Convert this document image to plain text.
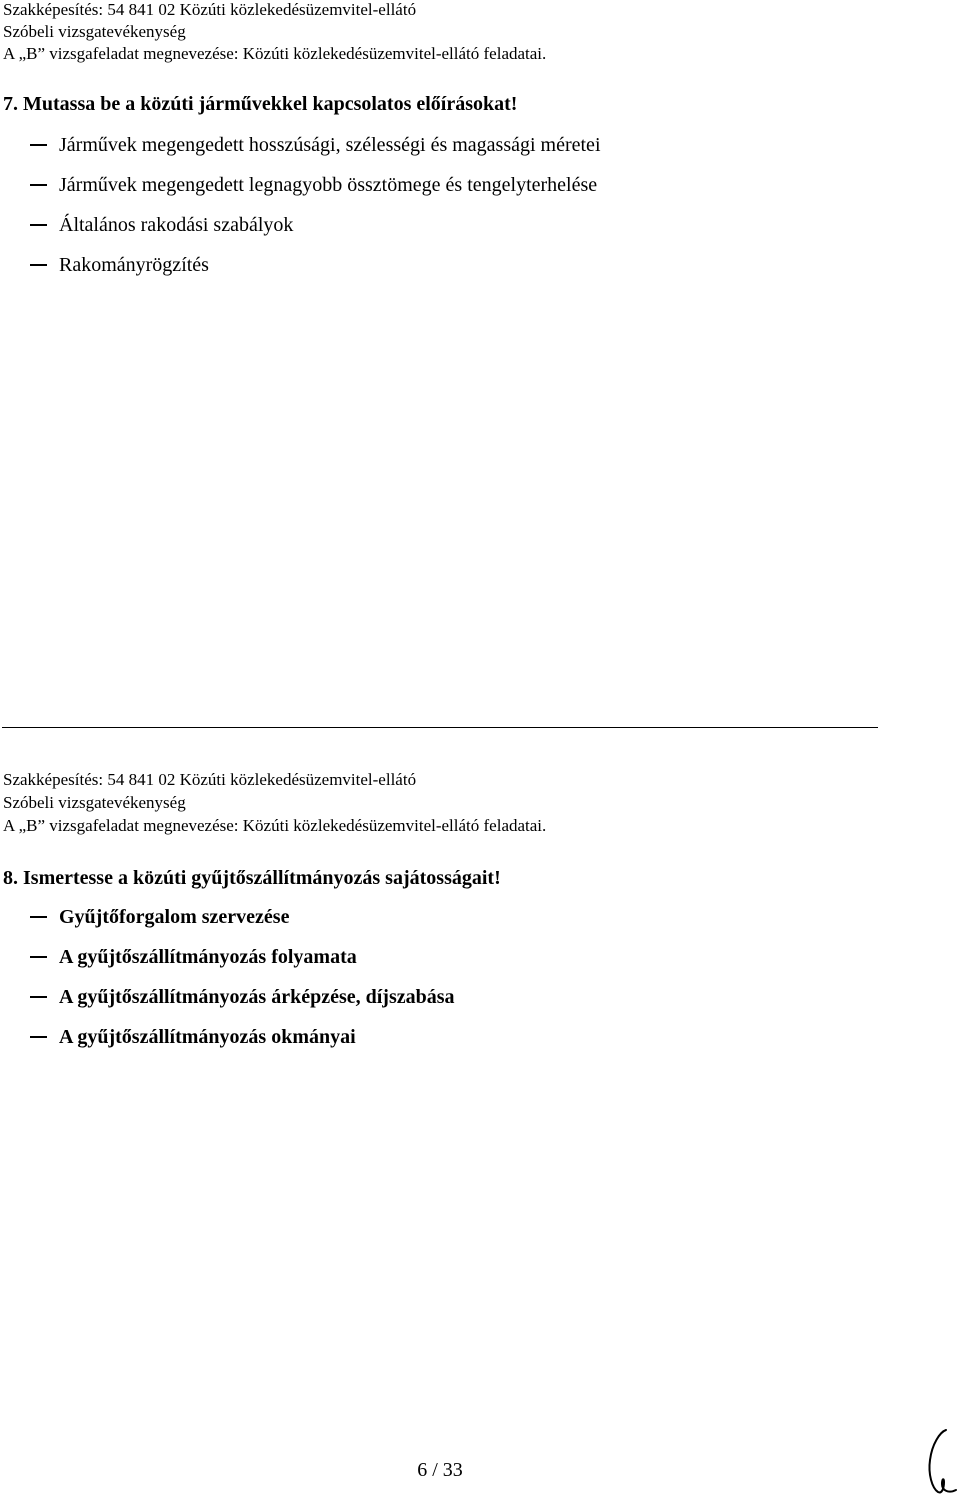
Szakképesítés: 54 841 02 Közúti közlekedésüzemvitel-ellátó
Szóbeli vizsgatevékenység
A „B” vizsgafeladat megnevezése: Közúti közlekedésüzemvitel-ellátó feladatai.
7. Mutassa be a közúti járművekkel kapcsolatos előírásokat!
Járművek megengedett hosszúsági, szélességi és magassági méretei
Járművek megengedett legnagyobb össztömege és tengelyterhelése
Általános rakodási szabályok
Rakományrögzítés
Szakképesítés: 54 841 02 Közúti közlekedésüzemvitel-ellátó
Szóbeli vizsgatevékenység
A „B” vizsgafeladat megnevezése: Közúti közlekedésüzemvitel-ellátó feladatai.
8. Ismertesse a közúti gyűjtőszállítmányozás sajátosságait!
Gyűjtőforgalom szervezése
A gyűjtőszállítmányozás folyamata
A gyűjtőszállítmányozás árképzése, díjszabása
A gyűjtőszállítmányozás okmányai
6 / 33
